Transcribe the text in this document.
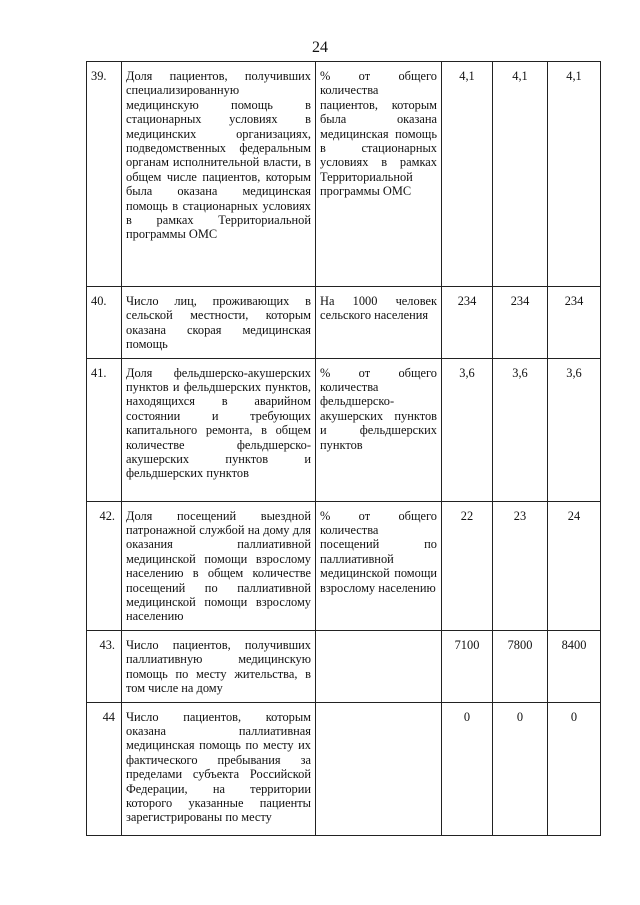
24
39.	Доля пациентов, получивших специализированную медицинскую помощь в стационарных условиях в медицинских организациях, подведомственных федеральным органам исполнительной власти, в общем числе пациентов, которым была оказана медицинская помощь в стационарных условиях в рамках Территориальной программы ОМС	% от общего количества пациентов, которым была оказана медицинская помощь в стационарных условиях в рамках Территориальной программы ОМС	4,1	4,1	4,1
40.	Число лиц, проживающих в сельской местности, которым оказана скорая медицинская помощь	На 1000 человек сельского населения	234	234	234
41.	Доля фельдшерско-акушерских пунктов и фельдшерских пунктов, находящихся в аварийном состоянии и требующих капитального ремонта, в общем количестве фельдшерско-акушерских пунктов и фельдшерских пунктов	% от общего количества фельдшерско-акушерских пунктов и фельдшерских пунктов	3,6	3,6	3,6
42.	Доля посещений выездной патронажной службой на дому для оказания паллиативной медицинской помощи взрослому населению в общем количестве посещений по паллиативной медицинской помощи взрослому населению	% от общего количества посещений по паллиативной медицинской помощи взрослому населению	22	23	24
43.	Число пациентов, получивших паллиативную медицинскую помощь по месту жительства, в том числе на дому		7100	7800	8400
44	Число пациентов, которым оказана паллиативная медицинская помощь по месту их фактического пребывания за пределами субъекта Российской Федерации, на территории которого указанные пациенты зарегистрированы по месту		0	0	0
